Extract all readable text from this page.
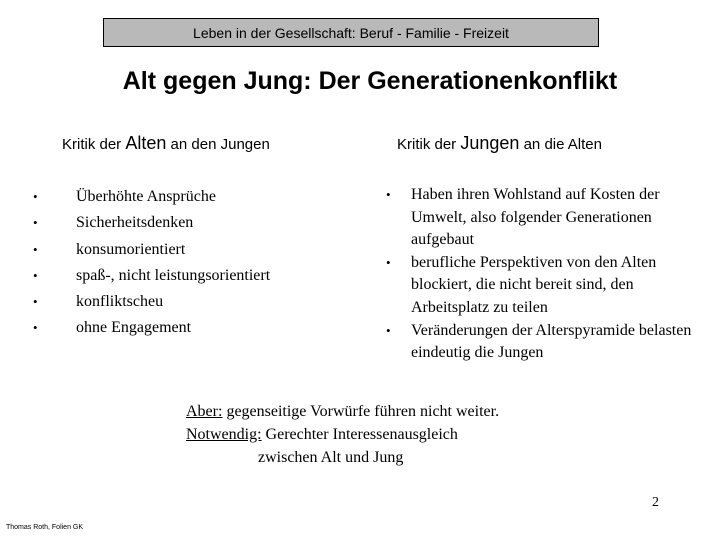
Leben in der Gesellschaft: Beruf - Familie - Freizeit
Alt gegen Jung: Der Generationenkonflikt
Kritik der Alten an den Jungen	Kritik der Jungen an die Alten
• Überhöhte Ansprüche
• Sicherheitsdenken
• konsumorientiert
• spaß-, nicht leistungsorientiert
• konfliktscheu
• ohne Engagement
• Haben ihren Wohlstand auf Kosten der Umwelt, also folgender Generationen aufgebaut
• berufliche Perspektiven von den Alten blockiert, die nicht bereit sind, den Arbeitsplatz zu teilen
• Veränderungen der Alterspyramide belasten eindeutig die Jungen
Aber: gegenseitige Vorwürfe führen nicht weiter.
Notwendig: Gerechter Interessenausgleich
zwischen Alt und Jung
2
Thomas Roth, Folien GK
